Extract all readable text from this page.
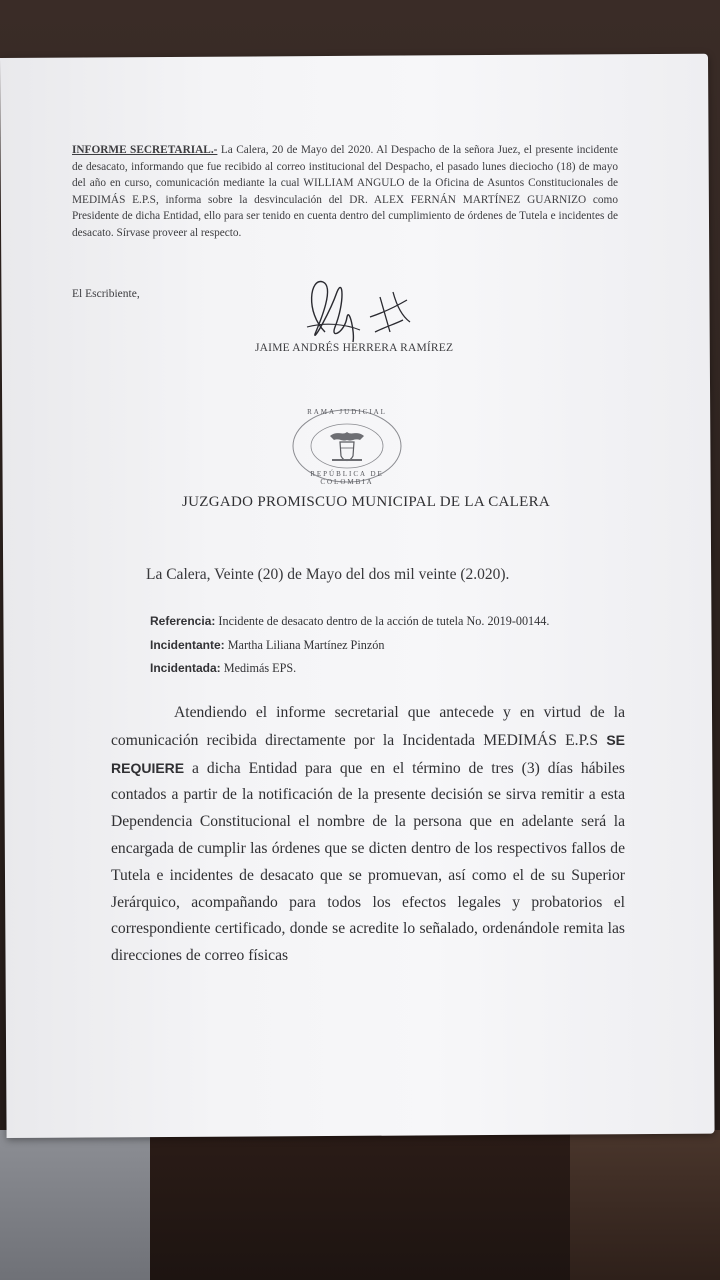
INFORME SECRETARIAL.- La Calera, 20 de Mayo del 2020. Al Despacho de la señora Juez, el presente incidente de desacato, informando que fue recibido al correo institucional del Despacho, el pasado lunes dieciocho (18) de mayo del año en curso, comunicación mediante la cual WILLIAM ANGULO de la Oficina de Asuntos Constitucionales de MEDIMÁS E.P.S, informa sobre la desvinculación del DR. ALEX FERNÁN MARTÍNEZ GUARNIZO como Presidente de dicha Entidad, ello para ser tenido en cuenta dentro del cumplimiento de órdenes de Tutela e incidentes de desacato. Sírvase proveer al respecto.
El Escribiente,
JAIME ANDRÉS HERRERA RAMÍREZ
RAMA JUDICIAL
REPÚBLICA DE COLOMBIA
JUZGADO PROMISCUO MUNICIPAL DE LA CALERA
La Calera, Veinte (20) de Mayo del dos mil veinte (2.020).
Referencia: Incidente de desacato dentro de la acción de tutela No. 2019-00144.
Incidentante: Martha Liliana Martínez Pinzón
Incidentada: Medimás EPS.
Atendiendo el informe secretarial que antecede y en virtud de la comunicación recibida directamente por la Incidentada MEDIMÁS E.P.S SE REQUIERE a dicha Entidad para que en el término de tres (3) días hábiles contados a partir de la notificación de la presente decisión se sirva remitir a esta Dependencia Constitucional el nombre de la persona que en adelante será la encargada de cumplir las órdenes que se dicten dentro de los respectivos fallos de Tutela e incidentes de desacato que se promuevan, así como el de su Superior Jerárquico, acompañando para todos los efectos legales y probatorios el correspondiente certificado, donde se acredite lo señalado, ordenándole remita las direcciones de correo físicas
